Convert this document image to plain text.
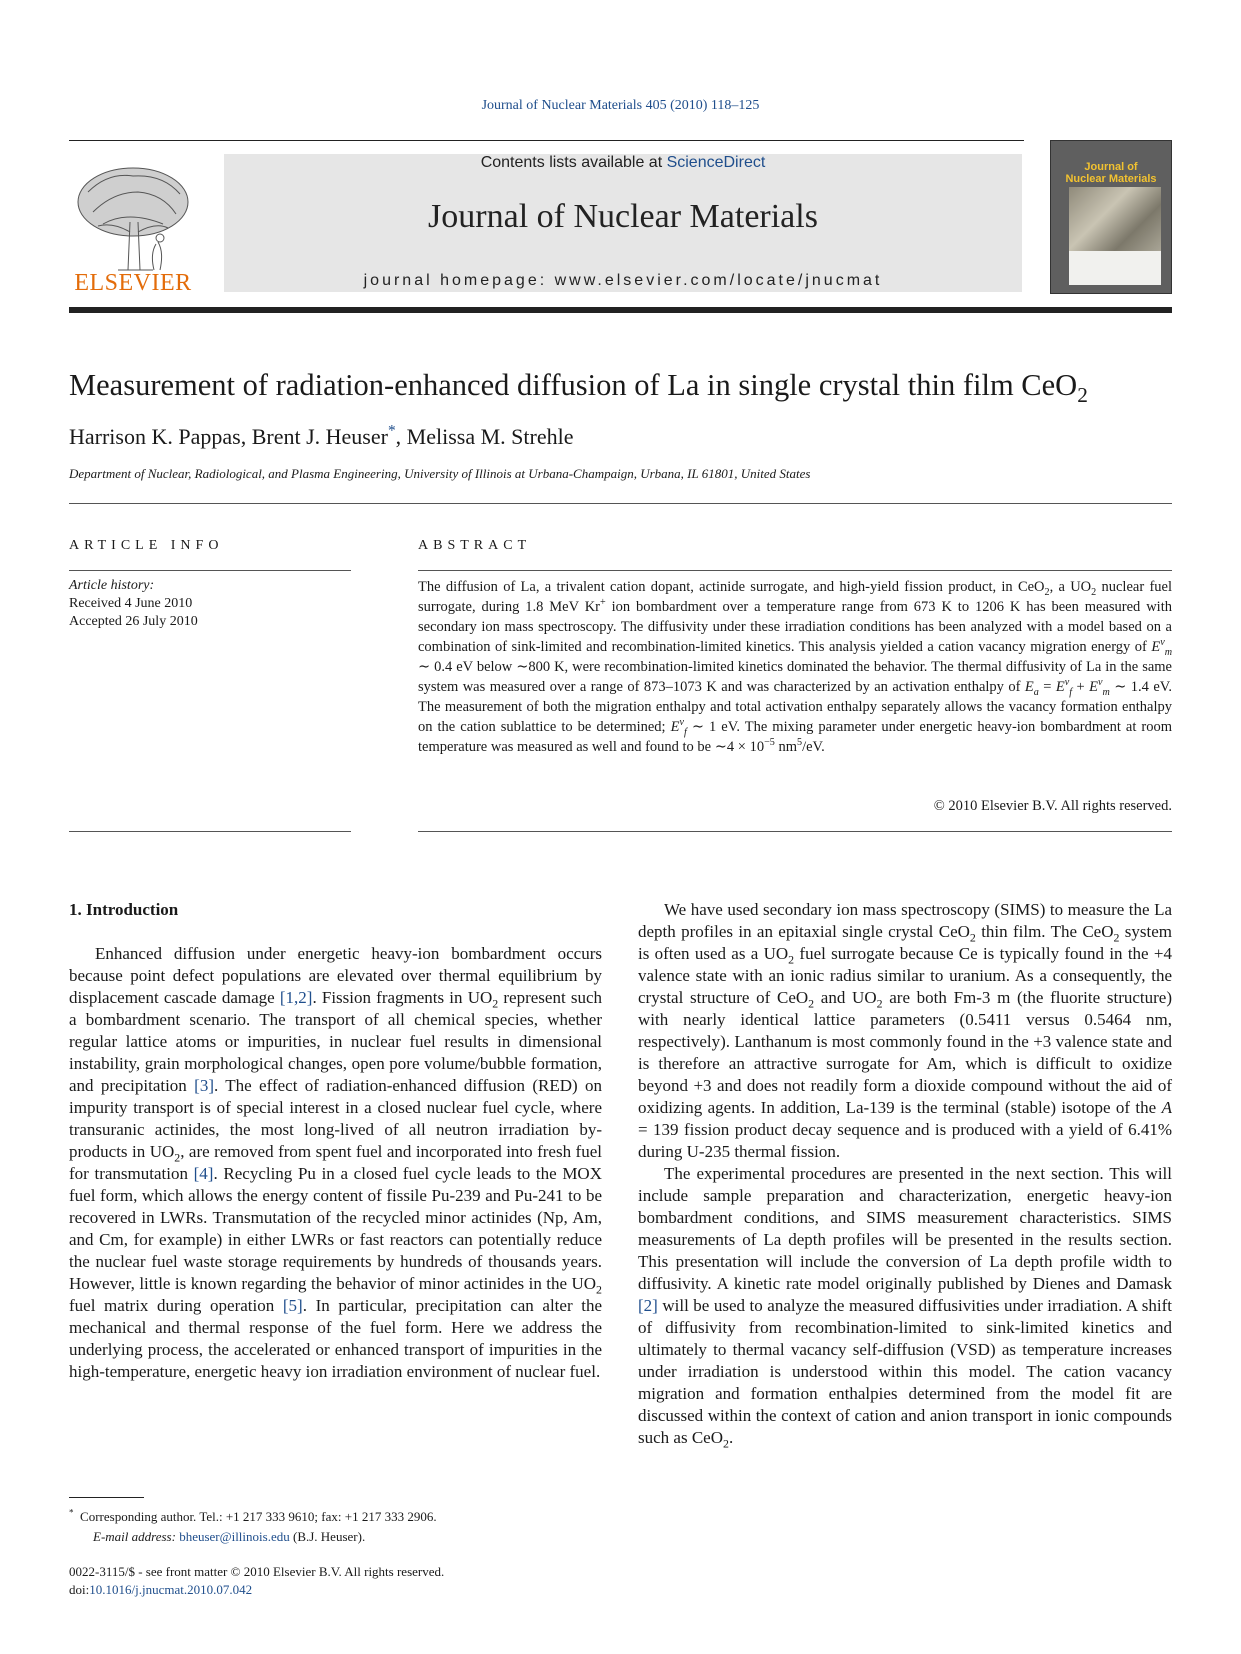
Journal of Nuclear Materials 405 (2010) 118–125
ELSEVIER
Contents lists available at ScienceDirect
Journal of Nuclear Materials
journal homepage: www.elsevier.com/locate/jnucmat
Journal of
Nuclear Materials
Measurement of radiation-enhanced diffusion of La in single crystal thin film CeO$_2$
Harrison K. Pappas, Brent J. Heuser*, Melissa M. Strehle
Department of Nuclear, Radiological, and Plasma Engineering, University of Illinois at Urbana-Champaign, Urbana, IL 61801, United States
ARTICLE INFO
Article history:
Received 4 June 2010
Accepted 26 July 2010
ABSTRACT
The diffusion of La, a trivalent cation dopant, actinide surrogate, and high-yield fission product, in CeO$_2$, a $UO_2$ nuclear fuel surrogate, during 1.8 MeV Kr+ ion bombardment over a temperature range from 673 K to 1206 K has been measured with secondary ion mass spectroscopy. The diffusivity under these irradiation conditions has been analyzed with a model based on a combination of sink-limited and recombination-limited kinetics. This analysis yielded a cation vacancy migration energy of $E^v_m$ ∼ 0.4 eV below ∼800 K, were recombination-limited kinetics dominated the behavior. The thermal diffusivity of La in the same system was measured over a range of 873–1073 K and was characterized by an activation enthalpy of $E_a = E^v_f + E^v_m$ ∼ 1.4 eV. The measurement of both the migration enthalpy and total activation enthalpy separately allows the vacancy formation enthalpy on the cation sublattice to be determined; $E^v_f$ ∼ 1 eV. The mixing parameter under energetic heavy-ion bombardment at room temperature was measured as well and found to be ∼4 × $10^{-5}$ $nm^5/eV$.
© 2010 Elsevier B.V. All rights reserved.
1. Introduction

Enhanced diffusion under energetic heavy-ion bombardment occurs because point defect populations are elevated over thermal equilibrium by displacement cascade damage [1,2]. Fission fragments in $UO_2$ represent such a bombardment scenario. The transport of all chemical species, whether regular lattice atoms or impurities, in nuclear fuel results in dimensional instability, grain morphological changes, open pore volume/bubble formation, and precipitation [3]. The effect of radiation-enhanced diffusion (RED) on impurity transport is of special interest in a closed nuclear fuel cycle, where transuranic actinides, the most long-lived of all neutron irradiation by-products in $UO_2$, are removed from spent fuel and incorporated into fresh fuel for transmutation [4]. Recycling Pu in a closed fuel cycle leads to the MOX fuel form, which allows the energy content of fissile Pu-239 and Pu-241 to be recovered in LWRs. Transmutation of the recycled minor actinides (Np, Am, and Cm, for example) in either LWRs or fast reactors can potentially reduce the nuclear fuel waste storage requirements by hundreds of thousands years. However, little is known regarding the behavior of minor actinides in the $UO_2$ fuel matrix during operation [5]. In particular, precipitation can alter the mechanical and thermal response of the fuel form. Here we address the underlying process, the accelerated or enhanced transport of impurities in the high-temperature, energetic heavy ion irradiation environment of nuclear fuel.

We have used secondary ion mass spectroscopy (SIMS) to measure the La depth profiles in an epitaxial single crystal CeO$_2$ thin film. The CeO$_2$ system is often used as a $UO_2$ fuel surrogate because Ce is typically found in the +4 valence state with an ionic radius similar to uranium. As a consequently, the crystal structure of CeO$_2$ and $UO_2$ are both Fm-3 m (the fluorite structure) with nearly identical lattice parameters (0.5411 versus 0.5464 nm, respectively). Lanthanum is most commonly found in the +3 valence state and is therefore an attractive surrogate for Am, which is difficult to oxidize beyond +3 and does not readily form a dioxide compound without the aid of oxidizing agents. In addition, La-139 is the terminal (stable) isotope of the A = 139 fission product decay sequence and is produced with a yield of 6.41% during U-235 thermal fission.

The experimental procedures are presented in the next section. This will include sample preparation and characterization, energetic heavy-ion bombardment conditions, and SIMS measurement characteristics. SIMS measurements of La depth profiles will be presented in the results section. This presentation will include the conversion of La depth profile width to diffusivity. A kinetic rate model originally published by Dienes and Damask [2] will be used to analyze the measured diffusivities under irradiation. A shift of diffusivity from recombination-limited to sink-limited kinetics and ultimately to thermal vacancy self-diffusion (VSD) as temperature increases under irradiation is understood within this model. The cation vacancy migration and formation enthalpies determined from the model fit are discussed within the context of cation and anion transport in ionic compounds such as CeO$_2$.

* Corresponding author. Tel.: +1 217 333 9610; fax: +1 217 333 2906.
E-mail address: bheuser@illinois.edu (B.J. Heuser).
0022-3115/$ - see front matter © 2010 Elsevier B.V. All rights reserved.
doi:10.1016/j.jnucmat.2010.07.042
